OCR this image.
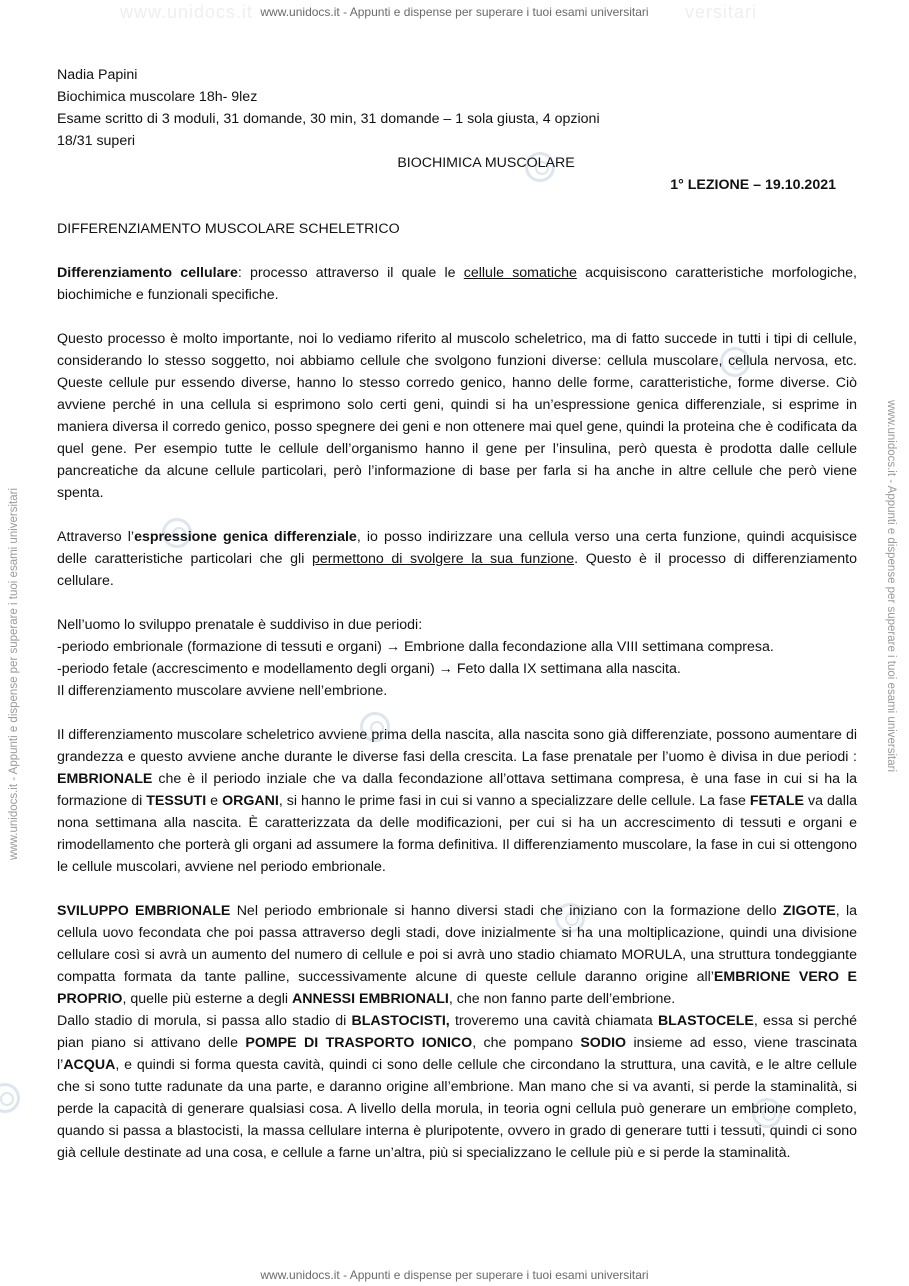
www.unidocs.it	versitari
www.unidocs.it - Appunti e dispense per superare i tuoi esami universitari
www.unidocs.it - Appunti e dispense per superare i tuoi esami universitari
www.unidocs.it - Appunti e dispense per superare i tuoi esami universitari	www.unidocs.it - Appunti e dispense per superare i tuoi esami universitari

Nadia Papini

Biochimica muscolare 18h- 9lez

Esame scritto di 3 moduli, 31 domande, 30 min, 31 domande – 1 sola giusta, 4 opzioni

18/31 superi

BIOCHIMICA MUSCOLARE

1° LEZIONE – 19.10.2021

DIFFERENZIAMENTO MUSCOLARE SCHELETRICO

Differenziamento cellulare: processo attraverso il quale le cellule somatiche acquisiscono caratteristiche morfologiche, biochimiche e funzionali specifiche.

Questo processo è molto importante, noi lo vediamo riferito al muscolo scheletrico, ma di fatto succede in tutti i tipi di cellule, considerando lo stesso soggetto, noi abbiamo cellule che svolgono funzioni diverse: cellula muscolare, cellula nervosa, etc. Queste cellule pur essendo diverse, hanno lo stesso corredo genico, hanno delle forme, caratteristiche, forme diverse. Ciò avviene perché in una cellula si esprimono solo certi geni, quindi si ha un’espressione genica differenziale, si esprime in maniera diversa il corredo genico, posso spegnere dei geni e non ottenere mai quel gene, quindi la proteina che è codificata da quel gene. Per esempio tutte le cellule dell’organismo hanno il gene per l’insulina, però questa è prodotta dalle cellule pancreatiche da alcune cellule particolari, però l’informazione di base per farla si ha anche in altre cellule che però viene spenta.

Attraverso l’espressione genica differenziale, io posso indirizzare una cellula verso una certa funzione, quindi acquisisce delle caratteristiche particolari che gli permettono di svolgere la sua funzione. Questo è il processo di differenziamento cellulare.

Nell’uomo lo sviluppo prenatale è suddiviso in due periodi:

-periodo embrionale (formazione di tessuti e organi) → Embrione dalla fecondazione alla VIII settimana compresa.

-periodo fetale (accrescimento e modellamento degli organi) → Feto dalla IX settimana alla nascita.

Il differenziamento muscolare avviene nell’embrione.

Il differenziamento muscolare scheletrico avviene prima della nascita, alla nascita sono già differenziate, possono aumentare di grandezza e questo avviene anche durante le diverse fasi della crescita. La fase prenatale per l’uomo è divisa in due periodi : EMBRIONALE che è il periodo inziale che va dalla fecondazione all’ottava settimana compresa, è una fase in cui si ha la formazione di TESSUTI e ORGANI, si hanno le prime fasi in cui si vanno a specializzare delle cellule. La fase FETALE va dalla nona settimana alla nascita. È caratterizzata da delle modificazioni, per cui si ha un accrescimento di tessuti e organi e rimodellamento che porterà gli organi ad assumere la forma definitiva. Il differenziamento muscolare, la fase in cui si ottengono le cellule muscolari, avviene nel periodo embrionale.

SVILUPPO EMBRIONALE Nel periodo embrionale si hanno diversi stadi che iniziano con la formazione dello ZIGOTE, la cellula uovo fecondata che poi passa attraverso degli stadi, dove inizialmente si ha una moltiplicazione, quindi una divisione cellulare così si avrà un aumento del numero di cellule e poi si avrà uno stadio chiamato MORULA, una struttura tondeggiante compatta formata da tante palline, successivamente alcune di queste cellule daranno origine all’EMBRIONE VERO E PROPRIO, quelle più esterne a degli ANNESSI EMBRIONALI, che non fanno parte dell’embrione.

Dallo stadio di morula, si passa allo stadio di BLASTOCISTI, troveremo una cavità chiamata BLASTOCELE, essa si perché pian piano si attivano delle POMPE DI TRASPORTO IONICO, che pompano SODIO insieme ad esso, viene trascinata l’ACQUA, e quindi si forma questa cavità, quindi ci sono delle cellule che circondano la struttura, una cavità, e le altre cellule che si sono tutte radunate da una parte, e daranno origine all’embrione. Man mano che si va avanti, si perde la staminalità, si perde la capacità di generare qualsiasi cosa. A livello della morula, in teoria ogni cellula può generare un embrione completo, quando si passa a blastocisti, la massa cellulare interna è pluripotente, ovvero in grado di generare tutti i tessuti, quindi ci sono già cellule destinate ad una cosa, e cellule a farne un’altra, più si specializzano le cellule più e si perde la staminalità.
